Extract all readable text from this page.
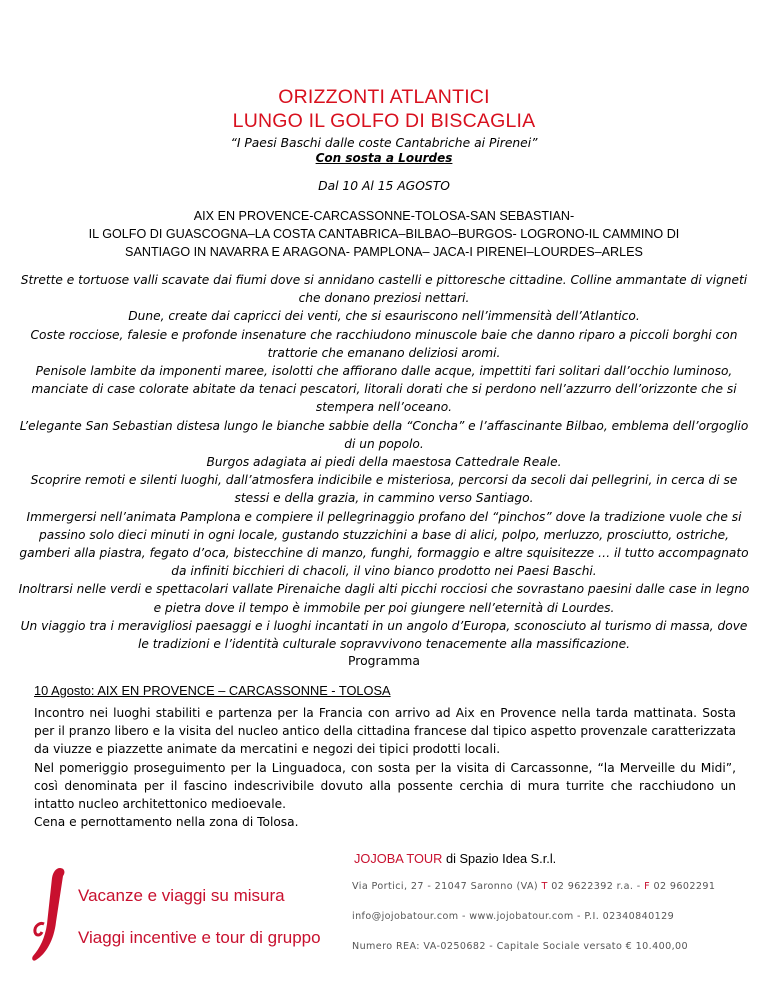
ORIZZONTI ATLANTICI
LUNGO IL GOLFO DI BISCAGLIA
“I Paesi Baschi dalle coste Cantabriche ai Pirenei”
Con sosta a Lourdes
Dal 10 Al 15 AGOSTO
AIX EN PROVENCE-CARCASSONNE-TOLOSA-SAN SEBASTIAN-
IL GOLFO DI GUASCOGNA–LA COSTA CANTABRICA–BILBAO–BURGOS- LOGRONO-IL CAMMINO DI
SANTIAGO IN NAVARRA E ARAGONA- PAMPLONA– JACA-I PIRENEI–LOURDES–ARLES
Strette e tortuose valli scavate dai fiumi dove si annidano castelli e pittoresche cittadine. Colline ammantate di vigneti che donano preziosi nettari.
Dune, create dai capricci dei venti, che si esauriscono nell’immensità dell’Atlantico.
Coste rocciose, falesie e profonde insenature che racchiudono minuscole baie che danno riparo a piccoli borghi con trattorie che emanano deliziosi aromi.
Penisole lambite da imponenti maree, isolotti che affiorano dalle acque, impettiti fari solitari dall’occhio luminoso, manciate di case colorate abitate da tenaci pescatori, litorali dorati che si perdono nell’azzurro dell’orizzonte che si stempera nell’oceano.
L’elegante San Sebastian distesa lungo le bianche sabbie della “Concha” e l’affascinante Bilbao, emblema dell’orgoglio di un popolo.
Burgos adagiata ai piedi della maestosa Cattedrale Reale.
Scoprire remoti e silenti luoghi, dall’atmosfera indicibile e misteriosa, percorsi da secoli dai pellegrini, in cerca di se stessi e della grazia, in cammino verso Santiago.
Immergersi nell’animata Pamplona e compiere il pellegrinaggio profano del “pinchos” dove la tradizione vuole che si passino solo dieci minuti in ogni locale, gustando stuzzichini a base di alici, polpo, merluzzo, prosciutto, ostriche, gamberi alla piastra, fegato d’oca, bistecchine di manzo, funghi, formaggio e altre squisitezze … il tutto accompagnato da infiniti bicchieri di chacoli, il vino bianco prodotto nei Paesi Baschi.
Inoltrarsi nelle verdi e spettacolari vallate Pirenaiche dagli alti picchi rocciosi che sovrastano paesini dalle case in legno e pietra dove il tempo è immobile per poi giungere nell’eternità di Lourdes.
Un viaggio tra i meravigliosi paesaggi e i luoghi incantati in un angolo d’Europa, sconosciuto al turismo di massa, dove le tradizioni e l’identità culturale sopravvivono tenacemente alla massificazione.
Programma
10 Agosto: AIX EN PROVENCE – CARCASSONNE - TOLOSA

Incontro nei luoghi stabiliti e partenza per la Francia con arrivo ad Aix en Provence nella tarda mattinata. Sosta per il pranzo libero e la visita del nucleo antico della cittadina francese dal tipico aspetto provenzale caratterizzata da viuzze e piazzette animate da mercatini e negozi dei tipici prodotti locali.

Nel pomeriggio proseguimento per la Linguadoca, con sosta per la visita di Carcassonne, “la Merveille du Midi”, così denominata per il fascino indescrivibile dovuto alla possente cerchia di mura turrite che racchiudono un intatto nucleo architettonico medioevale.

Cena e pernottamento nella zona di Tolosa.

Vacanze e viaggi su misura
Viaggi incentive e tour di gruppo
JOJOBA TOUR di Spazio Idea S.r.l.
Via Portici, 27 - 21047 Saronno (VA) T 02 9622392 r.a. - F 02 9602291
info@jojobatour.com - www.jojobatour.com - P.I. 02340840129
Numero REA: VA-0250682 - Capitale Sociale versato € 10.400,00
